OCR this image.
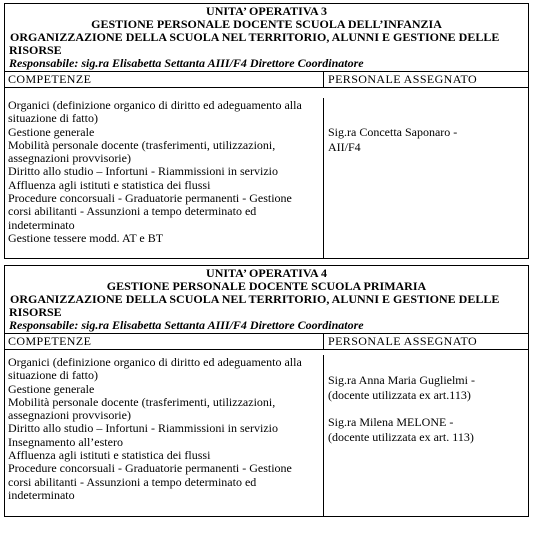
UNITA’ OPERATIVA 3
GESTIONE PERSONALE DOCENTE SCUOLA DELL’INFANZIA
ORGANIZZAZIONE DELLA SCUOLA NEL TERRITORIO, ALUNNI E GESTIONE DELLE
RISORSE
Responsabile: sig.ra Elisabetta Settanta AIII/F4 Direttore Coordinatore
COMPETENZE	PERSONALE ASSEGNATO
Organici (definizione organico di diritto ed adeguamento alla
situazione di fatto)
Gestione generale
Mobilità personale docente (trasferimenti, utilizzazioni,
assegnazioni provvisorie)
Diritto allo studio – Infortuni - Riammissioni in servizio
Affluenza agli istituti e statistica dei flussi
Procedure concorsuali - Graduatorie permanenti - Gestione
corsi abilitanti - Assunzioni a tempo determinato ed
indeterminato
Gestione tessere modd. AT e BT
Sig.ra Concetta Saponaro -
AII/F4
UNITA’ OPERATIVA 4
GESTIONE PERSONALE DOCENTE SCUOLA PRIMARIA
ORGANIZZAZIONE DELLA SCUOLA NEL TERRITORIO, ALUNNI E GESTIONE DELLE
RISORSE
Responsabile: sig.ra Elisabetta Settanta AIII/F4 Direttore Coordinatore
COMPETENZE	PERSONALE ASSEGNATO
Organici (definizione organico di diritto ed adeguamento alla
situazione di fatto)
Gestione generale
Mobilità personale docente (trasferimenti, utilizzazioni,
assegnazioni provvisorie)
Diritto allo studio – Infortuni - Riammissioni in servizio
Insegnamento all’estero
Affluenza agli istituti e statistica dei flussi
Procedure concorsuali - Graduatorie permanenti - Gestione
corsi abilitanti - Assunzioni a tempo determinato ed
indeterminato
Sig.ra Anna Maria Guglielmi -
(docente utilizzata ex art.113)
Sig.ra Milena MELONE -
(docente utilizzata ex art. 113)
